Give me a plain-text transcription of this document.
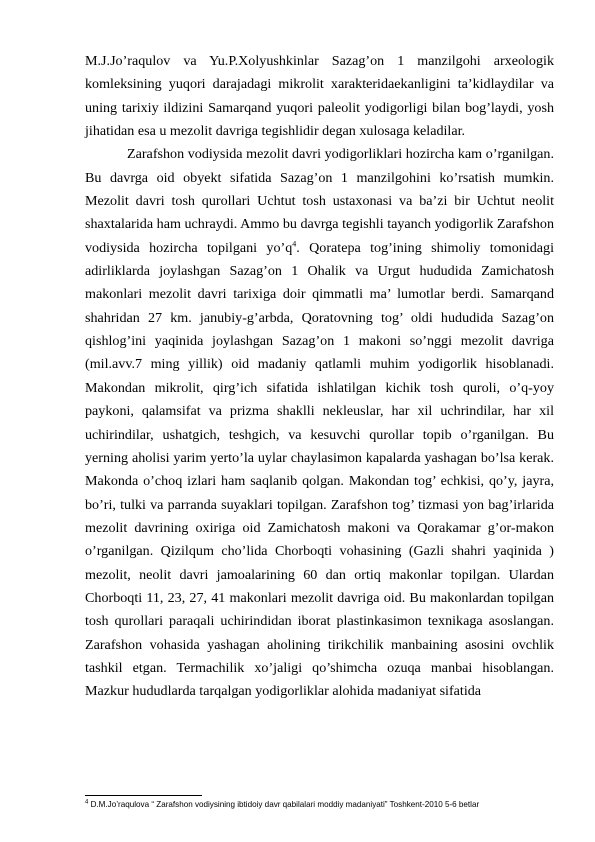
M.J.Jo’raqulov va Yu.P.Xolyushkinlar Sazag’on 1 manzilgohi arxeologik komleksining yuqori darajadagi mikrolit xarakteridaekanligini ta’kidlaydilar va uning tarixiy ildizini Samarqand yuqori paleolit yodigorligi bilan bog’laydi, yosh jihatidan esa u mezolit davriga tegishlidir degan xulosaga keladilar.

Zarafshon vodiysida mezolit davri yodigorliklari hozircha kam o’rganilgan. Bu davrga oid obyekt sifatida Sazag’on 1 manzilgohini ko’rsatish mumkin. Mezolit davri tosh qurollari Uchtut tosh ustaxonasi va ba’zi bir Uchtut neolit shaxtalarida ham uchraydi. Ammo bu davrga tegishli tayanch yodigorlik Zarafshon vodiysida hozircha topilgani $yo’q^4$. Qoratepa tog’ining shimoliy tomonidagi adirliklarda joylashgan Sazag’on 1 Ohalik va Urgut hududida Zamichatosh makonlari mezolit davri tarixiga doir qimmatli ma’ lumotlar berdi. Samarqand shahridan 27 km. janubiy-g’arbda, Qoratovning tog’ oldi hududida Sazag’on qishlog’ini yaqinida joylashgan Sazag’on 1 makoni so’nggi mezolit davriga (mil.avv.7 ming yillik) oid madaniy qatlamli muhim yodigorlik hisoblanadi. Makondan mikrolit, qirg’ich sifatida ishlatilgan kichik tosh quroli, o’q-yoy paykoni, qalamsifat va prizma shaklli nekleuslar, har xil uchrindilar, har xil uchirindilar, ushatgich, teshgich, va kesuvchi qurollar topib o’rganilgan. Bu yerning aholisi yarim yerto’la uylar chaylasimon kapalarda yashagan bo’lsa kerak. Makonda o’choq izlari ham saqlanib qolgan. Makondan tog’ echkisi, qo’y, jayra, bo’ri, tulki va parranda suyaklari topilgan. Zarafshon tog’ tizmasi yon bag’irlarida mezolit davrining oxiriga oid Zamichatosh makoni va Qorakamar g’or-makon o’rganilgan. Qizilqum cho’lida Chorboqti vohasining (Gazli shahri yaqinida ) mezolit, neolit davri jamoalarining 60 dan ortiq makonlar topilgan. Ulardan Chorboqti 11, 23, 27, 41 makonlari mezolit davriga oid. Bu makonlardan topilgan tosh qurollari paraqali uchirindidan iborat plastinkasimon texnikaga asoslangan. Zarafshon vohasida yashagan aholining tirikchilik manbaining asosini ovchlik tashkil etgan. Termachilik xo’jaligi qo’shimcha ozuqa manbai hisoblangan. Mazkur hududlarda tarqalgan yodigorliklar alohida madaniyat sifatida

$^4$ D.M.Jo’raqulova “ Zarafshon vodiysining ibtidoiy davr qabilalari moddiy madaniyati” Toshkent-2010 5-6 betlar
